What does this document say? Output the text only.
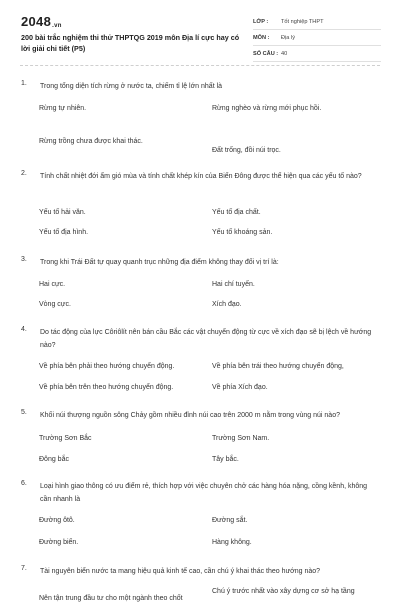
2048.vn
200 bài trắc nghiệm thi thử THPTQG 2019 môn Địa lí cực hay có lời giải chi tiết (P5)
LỚP :	Tốt nghiệp THPT
MÔN :	Địa lý
SỐ CÂU : 40
1. Trong tổng diện tích rừng ở nước ta, chiếm tỉ lệ lớn nhất là
Rừng tự nhiên.	Rừng nghèo và rừng mới phục hồi.
Rừng trồng chưa được khai thác.
Đất trống, đồi núi trọc.
2. Tính chất nhiệt đới ẩm gió mùa và tính chất khép kín của Biển Đông được thể hiện qua các yếu tố nào?
Yếu tố hải văn.	Yếu tố địa chất.
Yếu tố địa hình.	Yếu tố khoáng sản.
3. Trong khi Trái Đất tự quay quanh trục những địa điểm không thay đổi vị trí là:
Hai cực.	Hai chí tuyến.
Vòng cực.	Xích đạo.
4. Do tác động của lực Côriôlít nên bán cầu Bắc các vật chuyển động từ cực về xích đạo sẽ bị lệch về hướng nào?
Về phía bên phải theo hướng chuyển động.	Về phía bên trái theo hướng chuyển động,
Về phía bên trên theo hướng chuyển động.	Về phía Xích đạo.
5. Khối núi thượng nguồn sông Chảy gồm nhiều đỉnh núi cao trên 2000 m nằm trong vùng núi nào?
Trường Sơn Bắc	Trường Sơn Nam.
Đông bắc	Tây bắc.
6. Loại hình giao thông có ưu điểm rẻ, thích hợp với việc chuyên chở các hàng hóa nặng, cồng kềnh, không cần nhanh là
Đường ôtô.	Đường sắt.
Đường biển.	Hàng không.
7. Tài nguyên biển nước ta mang hiệu quả kinh tế cao, cần chú ý khai thác theo hướng nào?
Nên tận trung đầu tư cho một ngành theo chốt
Chú ý trước nhất vào xây dựng cơ sở hạ tầng
